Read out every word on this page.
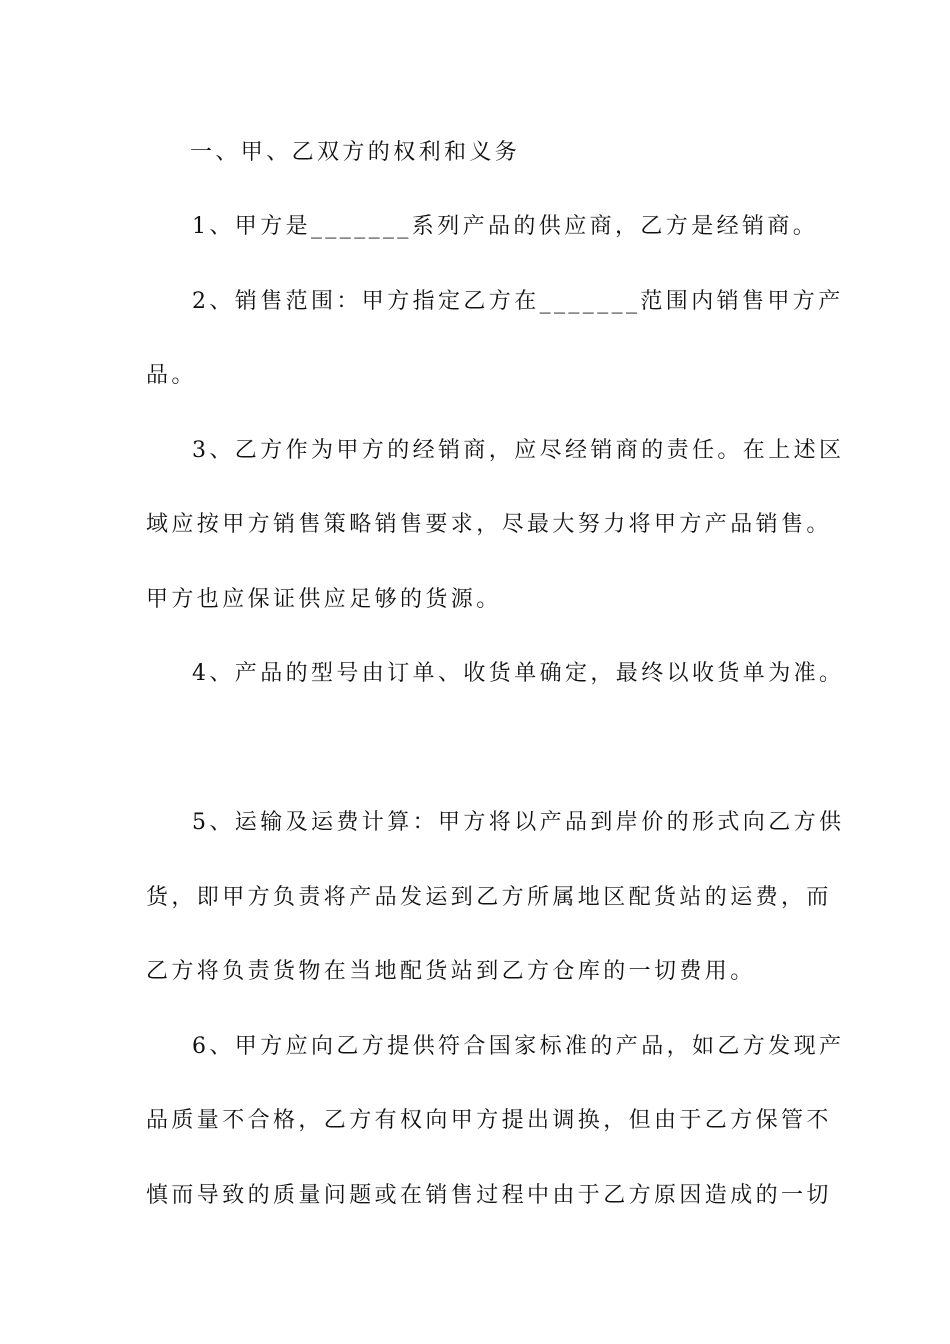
一、甲、乙双方的权利和义务
1、甲方是_______系列产品的供应商，乙方是经销商。
2、销售范围：甲方指定乙方在_______范围内销售甲方产
品。
3、乙方作为甲方的经销商，应尽经销商的责任。在上述区
域应按甲方销售策略销售要求，尽最大努力将甲方产品销售。
甲方也应保证供应足够的货源。
4、产品的型号由订单、收货单确定，最终以收货单为准。
5、运输及运费计算：甲方将以产品到岸价的形式向乙方供
货，即甲方负责将产品发运到乙方所属地区配货站的运费，而
乙方将负责货物在当地配货站到乙方仓库的一切费用。
6、甲方应向乙方提供符合国家标准的产品，如乙方发现产
品质量不合格，乙方有权向甲方提出调换，但由于乙方保管不
慎而导致的质量问题或在销售过程中由于乙方原因造成的一切
